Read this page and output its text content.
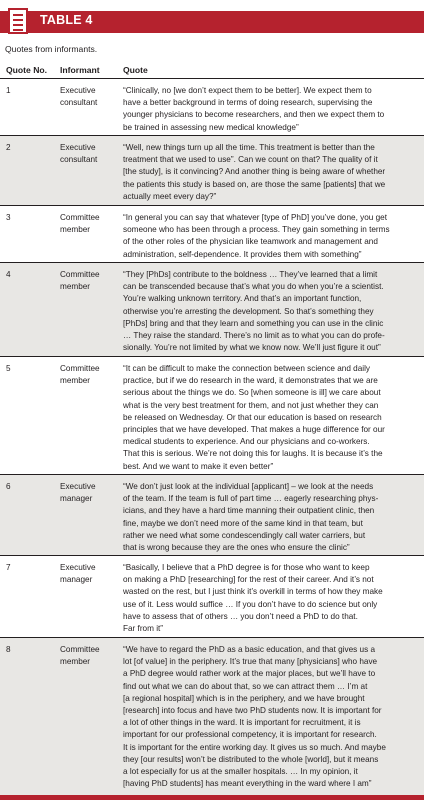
TABLE 4
Quotes from informants.
Quote No. Informant	Quote
1	Executive consultant
“Clinically, no [we don’t expect them to be better]. We expect them to
have a better background in terms of doing research, supervising the
younger physicians to become researchers, and then we expect them to
be trained in assessing new medical knowledge”
2	Executive consultant
“Well, new things turn up all the time. This treatment is better than the
treatment that we used to use”. Can we count on that? The quality of it
[the study], is it convincing? And another thing is being aware of whether
the patients this study is based on, are those the same [patients] that we
actually meet every day?”
3	Committee member
“In general you can say that whatever [type of PhD] you’ve done, you get
someone who has been through a process. They gain something in terms
of the other roles of the physician like teamwork and management and
administration, self-dependence. It provides them with something”
4	Committee member
“They [PhDs] contribute to the boldness … They’ve learned that a limit
can be transcended because that’s what you do when you’re a scientist.
You’re walking unknown territory. And that’s an important function,
otherwise you’re arresting the development. So that’s something they
[PhDs] bring and that they learn and something you can use in the clinic
… They raise the standard. There’s no limit as to what you can do profe-
sionally. You’re not limited by what we know now. We’ll just figure it out”
5	Committee member
“It can be difficult to make the connection between science and daily
practice, but if we do research in the ward, it demonstrates that we are
serious about the things we do. So [when someone is ill] we care about
what is the very best treatment for them, and not just whether they can
be released on Wednesday. Or that our education is based on research
principles that we have developed. That makes a huge difference for our
medical students to experience. And our physicians and co-workers.
That this is serious. We’re not doing this for laughs. It is because it’s the
best. And we want to make it even better”
6	Executive manager
“We don’t just look at the individual [applicant] – we look at the needs
of the team. If the team is full of part time … eagerly researching phys-
icians, and they have a hard time manning their outpatient clinic, then
fine, maybe we don’t need more of the same kind in that team, but
rather we need what some condescendingly call water carriers, but
that is wrong because they are the ones who ensure the clinic”
7	Executive manager
“Basically, I believe that a PhD degree is for those who want to keep
on making a PhD [researching] for the rest of their career. And it’s not
wasted on the rest, but I just think it’s overkill in terms of how they make
use of it. Less would suffice … If you don’t have to do science but only
have to assess that of others … you don’t need a PhD to do that.
Far from it”
8	Committee member
“We have to regard the PhD as a basic education, and that gives us a
lot [of value] in the periphery. It’s true that many [physicians] who have
a PhD degree would rather work at the major places, but we’ll have to
find out what we can do about that, so we can attract them … I’m at
[a regional hospital] which is in the periphery, and we have brought
[research] into focus and have two PhD students now. It is important for
a lot of other things in the ward. It is important for recruitment, it is
important for our professional competency, it is important for research.
It is important for the entire working day. It gives us so much. And maybe
they [our results] won’t be distributed to the whole [world], but it means
a lot especially for us at the smaller hospitals. … In my opinion, it
[having PhD students] has meant everything in the ward where I am”
